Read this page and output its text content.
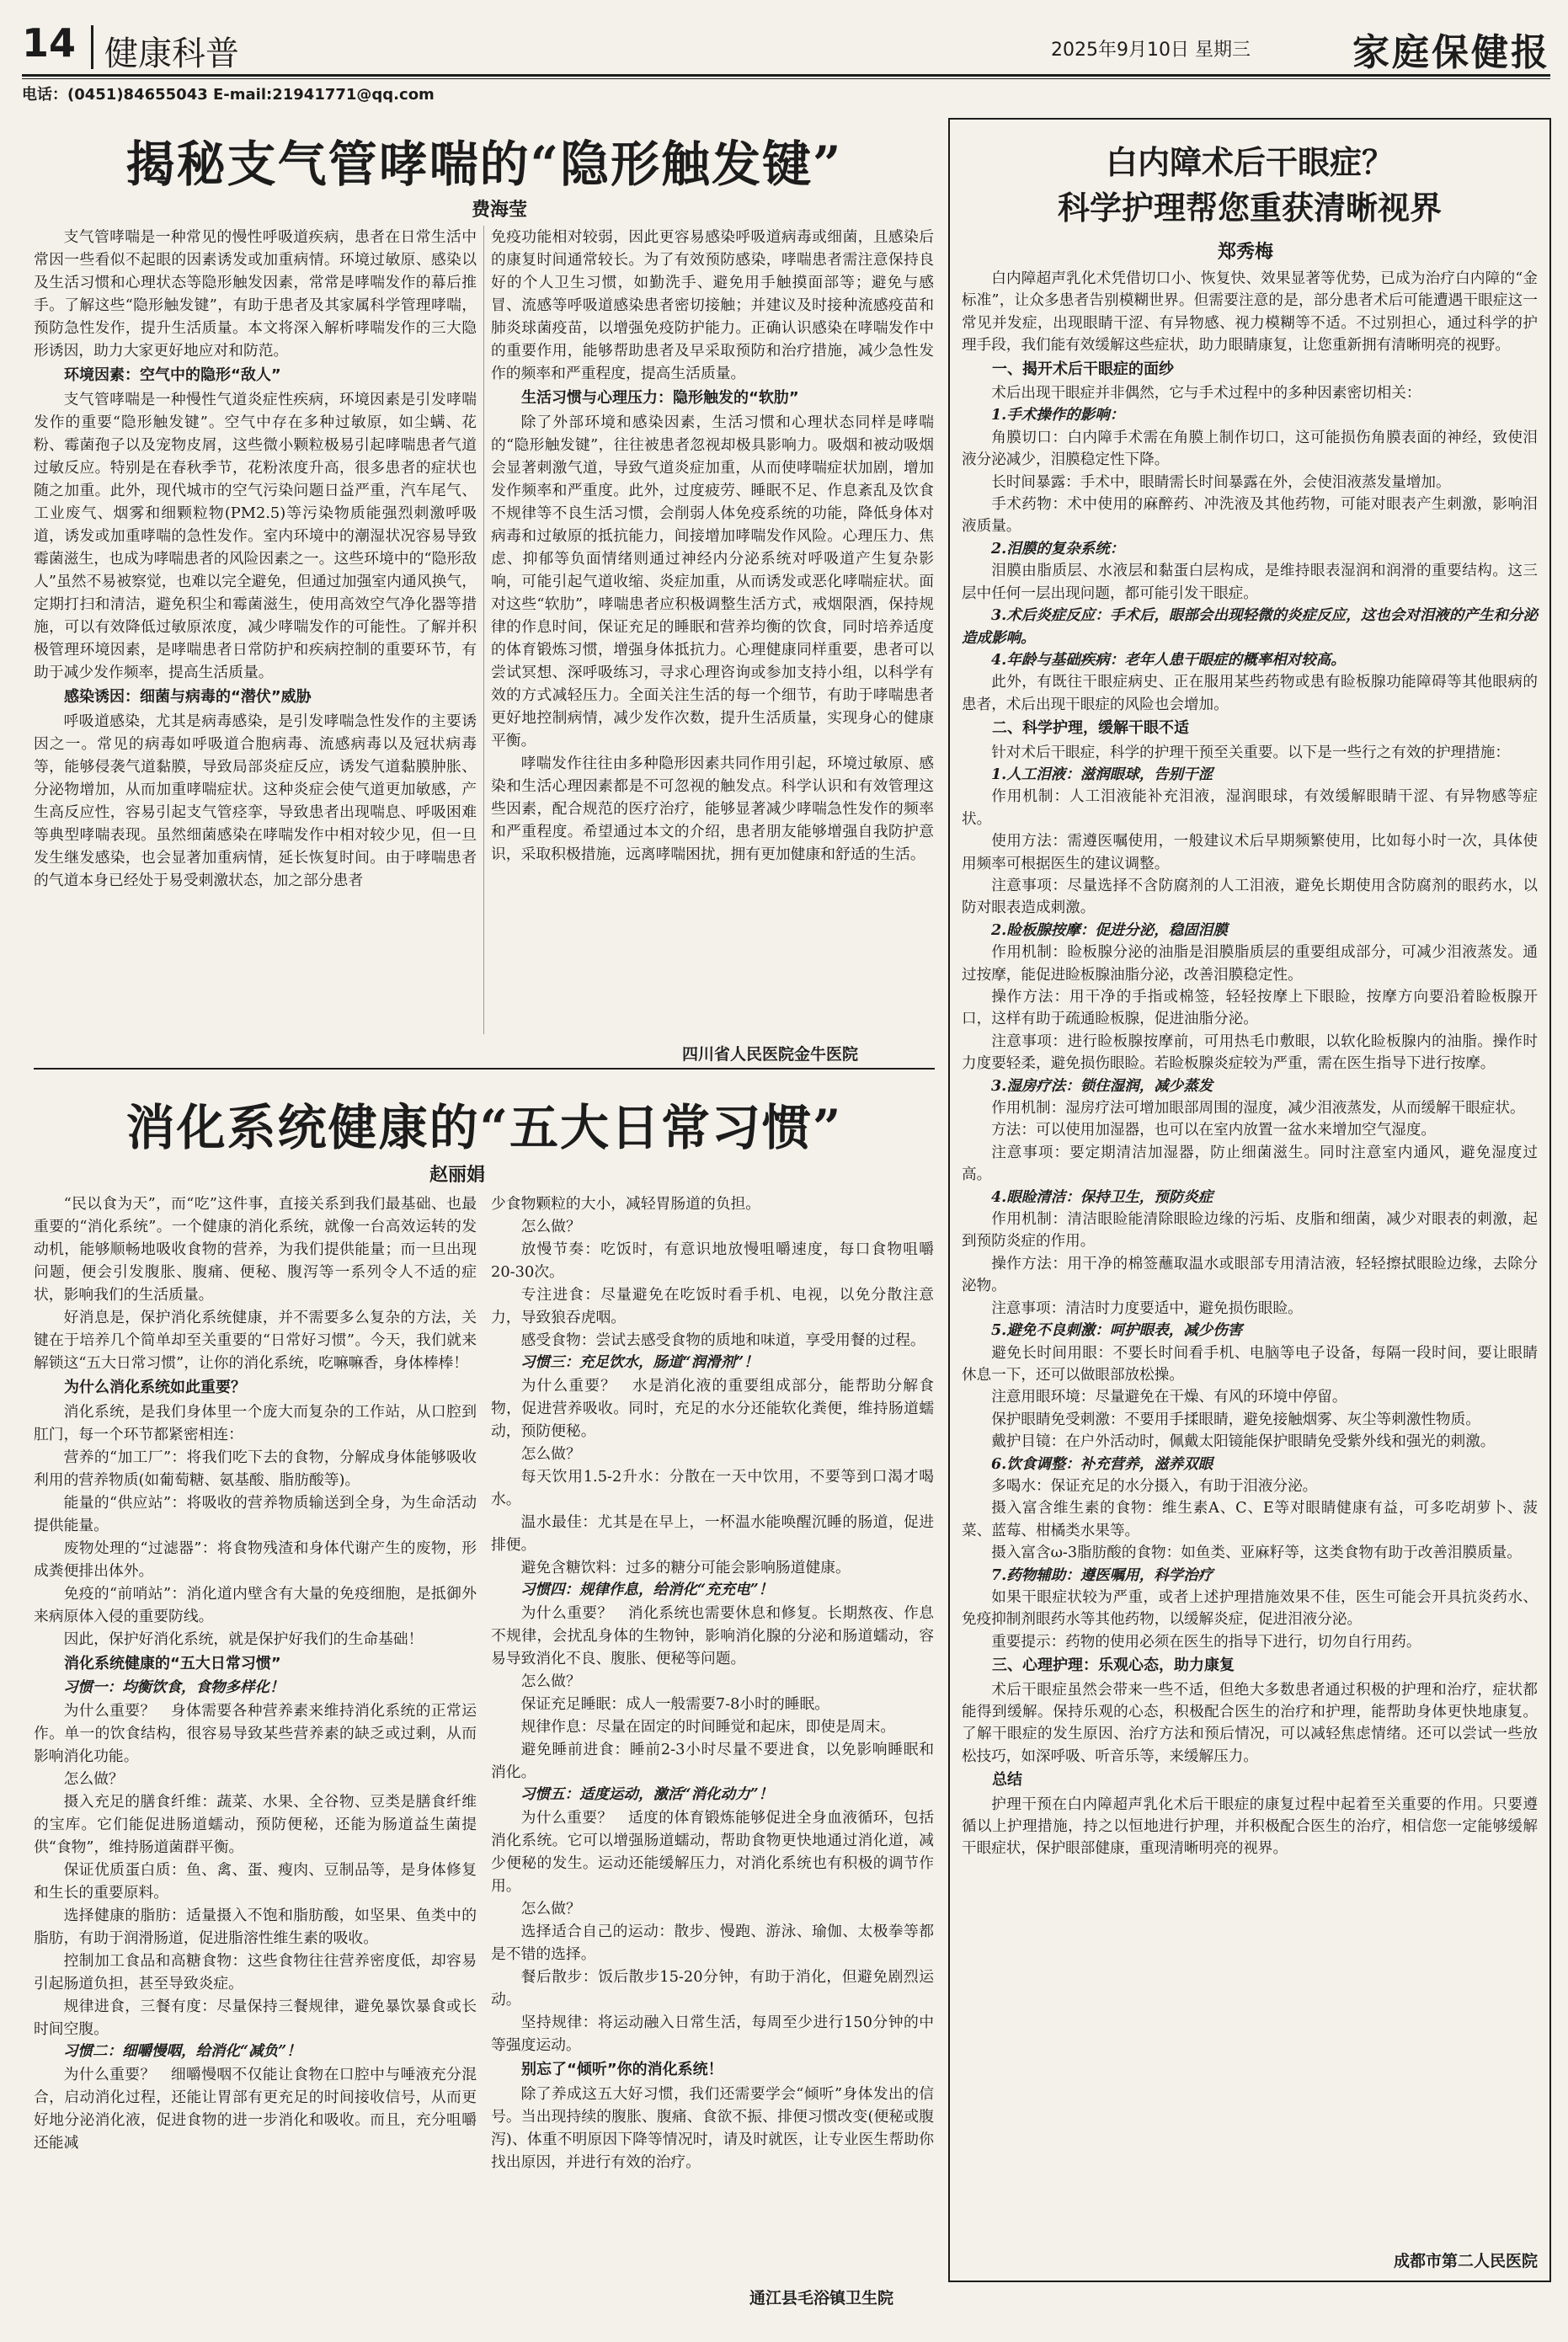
14 健康科普	2025年9月10日 星期三	家庭保健报
电话：(0451)84655043 E-mail:21941771@qq.com
揭秘支气管哮喘的“隐形触发键”
费海莹

支气管哮喘是一种常见的慢性呼吸道疾病，患者在日常生活中常因一些看似不起眼的因素诱发或加重病情。环境过敏原、感染以及生活习惯和心理状态等隐形触发因素，常常是哮喘发作的幕后推手。了解这些“隐形触发键”，有助于患者及其家属科学管理哮喘，预防急性发作，提升生活质量。本文将深入解析哮喘发作的三大隐形诱因，助力大家更好地应对和防范。

环境因素：空气中的隐形“敌人”

支气管哮喘是一种慢性气道炎症性疾病，环境因素是引发哮喘发作的重要“隐形触发键”。空气中存在多种过敏原，如尘螨、花粉、霉菌孢子以及宠物皮屑，这些微小颗粒极易引起哮喘患者气道过敏反应。特别是在春秋季节，花粉浓度升高，很多患者的症状也随之加重。此外，现代城市的空气污染问题日益严重，汽车尾气、工业废气、烟雾和细颗粒物(PM2.5)等污染物质能强烈刺激呼吸道，诱发或加重哮喘的急性发作。室内环境中的潮湿状况容易导致霉菌滋生，也成为哮喘患者的风险因素之一。这些环境中的“隐形敌人”虽然不易被察觉，也难以完全避免，但通过加强室内通风换气，定期打扫和清洁，避免积尘和霉菌滋生，使用高效空气净化器等措施，可以有效降低过敏原浓度，减少哮喘发作的可能性。了解并积极管理环境因素，是哮喘患者日常防护和疾病控制的重要环节，有助于减少发作频率，提高生活质量。

感染诱因：细菌与病毒的“潜伏”威胁

呼吸道感染，尤其是病毒感染，是引发哮喘急性发作的主要诱因之一。常见的病毒如呼吸道合胞病毒、流感病毒以及冠状病毒等，能够侵袭气道黏膜，导致局部炎症反应，诱发气道黏膜肿胀、分泌物增加，从而加重哮喘症状。这种炎症会使气道更加敏感，产生高反应性，容易引起支气管痉挛，导致患者出现喘息、呼吸困难等典型哮喘表现。虽然细菌感染在哮喘发作中相对较少见，但一旦发生继发感染，也会显著加重病情，延长恢复时间。由于哮喘患者的气道本身已经处于易受刺激状态，加之部分患者

免疫功能相对较弱，因此更容易感染呼吸道病毒或细菌，且感染后的康复时间通常较长。为了有效预防感染，哮喘患者需注意保持良好的个人卫生习惯，如勤洗手、避免用手触摸面部等；避免与感冒、流感等呼吸道感染患者密切接触；并建议及时接种流感疫苗和肺炎球菌疫苗，以增强免疫防护能力。正确认识感染在哮喘发作中的重要作用，能够帮助患者及早采取预防和治疗措施，减少急性发作的频率和严重程度，提高生活质量。

生活习惯与心理压力：隐形触发的“软肋”

除了外部环境和感染因素，生活习惯和心理状态同样是哮喘的“隐形触发键”，往往被患者忽视却极具影响力。吸烟和被动吸烟会显著刺激气道，导致气道炎症加重，从而使哮喘症状加剧，增加发作频率和严重度。此外，过度疲劳、睡眠不足、作息紊乱及饮食不规律等不良生活习惯，会削弱人体免疫系统的功能，降低身体对病毒和过敏原的抵抗能力，间接增加哮喘发作风险。心理压力、焦虑、抑郁等负面情绪则通过神经内分泌系统对呼吸道产生复杂影响，可能引起气道收缩、炎症加重，从而诱发或恶化哮喘症状。面对这些“软肋”，哮喘患者应积极调整生活方式，戒烟限酒，保持规律的作息时间，保证充足的睡眠和营养均衡的饮食，同时培养适度的体育锻炼习惯，增强身体抵抗力。心理健康同样重要，患者可以尝试冥想、深呼吸练习，寻求心理咨询或参加支持小组，以科学有效的方式减轻压力。全面关注生活的每一个细节，有助于哮喘患者更好地控制病情，减少发作次数，提升生活质量，实现身心的健康平衡。

哮喘发作往往由多种隐形因素共同作用引起，环境过敏原、感染和生活心理因素都是不可忽视的触发点。科学认识和有效管理这些因素，配合规范的医疗治疗，能够显著减少哮喘急性发作的频率和严重程度。希望通过本文的介绍，患者朋友能够增强自我防护意识，采取积极措施，远离哮喘困扰，拥有更加健康和舒适的生活。

四川省人民医院金牛医院
消化系统健康的“五大日常习惯”
赵丽娟

“民以食为天”，而“吃”这件事，直接关系到我们最基础、也最重要的“消化系统”。一个健康的消化系统，就像一台高效运转的发动机，能够顺畅地吸收食物的营养，为我们提供能量；而一旦出现问题，便会引发腹胀、腹痛、便秘、腹泻等一系列令人不适的症状，影响我们的生活质量。

好消息是，保护消化系统健康，并不需要多么复杂的方法，关键在于培养几个简单却至关重要的“日常好习惯”。今天，我们就来解锁这“五大日常习惯”，让你的消化系统，吃嘛嘛香，身体棒棒！

为什么消化系统如此重要？

消化系统，是我们身体里一个庞大而复杂的工作站，从口腔到肛门，每一个环节都紧密相连：

营养的“加工厂”：将我们吃下去的食物，分解成身体能够吸收利用的营养物质(如葡萄糖、氨基酸、脂肪酸等)。

能量的“供应站”：将吸收的营养物质输送到全身，为生命活动提供能量。

废物处理的“过滤器”：将食物残渣和身体代谢产生的废物，形成粪便排出体外。

免疫的“前哨站”：消化道内壁含有大量的免疫细胞，是抵御外来病原体入侵的重要防线。

因此，保护好消化系统，就是保护好我们的生命基础！

消化系统健康的“五大日常习惯”
习惯一：均衡饮食，食物多样化！

为什么重要？　身体需要各种营养素来维持消化系统的正常运作。单一的饮食结构，很容易导致某些营养素的缺乏或过剩，从而影响消化功能。

怎么做？

摄入充足的膳食纤维：蔬菜、水果、全谷物、豆类是膳食纤维的宝库。它们能促进肠道蠕动，预防便秘，还能为肠道益生菌提供“食物”，维持肠道菌群平衡。

保证优质蛋白质：鱼、禽、蛋、瘦肉、豆制品等，是身体修复和生长的重要原料。

选择健康的脂肪：适量摄入不饱和脂肪酸，如坚果、鱼类中的脂肪，有助于润滑肠道，促进脂溶性维生素的吸收。

控制加工食品和高糖食物：这些食物往往营养密度低，却容易引起肠道负担，甚至导致炎症。

规律进食，三餐有度：尽量保持三餐规律，避免暴饮暴食或长时间空腹。

习惯二：细嚼慢咽，给消化“减负”！

为什么重要？　细嚼慢咽不仅能让食物在口腔中与唾液充分混合，启动消化过程，还能让胃部有更充足的时间接收信号，从而更好地分泌消化液，促进食物的进一步消化和吸收。而且，充分咀嚼还能减

少食物颗粒的大小，减轻胃肠道的负担。

怎么做？

放慢节奏：吃饭时，有意识地放慢咀嚼速度，每口食物咀嚼20-30次。

专注进食：尽量避免在吃饭时看手机、电视，以免分散注意力，导致狼吞虎咽。

感受食物：尝试去感受食物的质地和味道，享受用餐的过程。

习惯三：充足饮水，肠道“润滑剂”！

为什么重要？　水是消化液的重要组成部分，能帮助分解食物，促进营养吸收。同时，充足的水分还能软化粪便，维持肠道蠕动，预防便秘。

怎么做？

每天饮用1.5-2升水：分散在一天中饮用，不要等到口渴才喝水。

温水最佳：尤其是在早上，一杯温水能唤醒沉睡的肠道，促进排便。

避免含糖饮料：过多的糖分可能会影响肠道健康。

习惯四：规律作息，给消化“充充电”！

为什么重要？　消化系统也需要休息和修复。长期熬夜、作息不规律，会扰乱身体的生物钟，影响消化腺的分泌和肠道蠕动，容易导致消化不良、腹胀、便秘等问题。

怎么做？

保证充足睡眠：成人一般需要7-8小时的睡眠。

规律作息：尽量在固定的时间睡觉和起床，即使是周末。

避免睡前进食：睡前2-3小时尽量不要进食，以免影响睡眠和消化。

习惯五：适度运动，激活“消化动力”！

为什么重要？　适度的体育锻炼能够促进全身血液循环，包括消化系统。它可以增强肠道蠕动，帮助食物更快地通过消化道，减少便秘的发生。运动还能缓解压力，对消化系统也有积极的调节作用。

怎么做？

选择适合自己的运动：散步、慢跑、游泳、瑜伽、太极拳等都是不错的选择。

餐后散步：饭后散步15-20分钟，有助于消化，但避免剧烈运动。

坚持规律：将运动融入日常生活，每周至少进行150分钟的中等强度运动。

别忘了“倾听”你的消化系统！

除了养成这五大好习惯，我们还需要学会“倾听”身体发出的信号。当出现持续的腹胀、腹痛、食欲不振、排便习惯改变(便秘或腹泻)、体重不明原因下降等情况时，请及时就医，让专业医生帮助你找出原因，并进行有效的治疗。

通江县毛浴镇卫生院
白内障术后干眼症？
科学护理帮您重获清晰视界
郑秀梅

白内障超声乳化术凭借切口小、恢复快、效果显著等优势，已成为治疗白内障的“金标准”，让众多患者告别模糊世界。但需要注意的是，部分患者术后可能遭遇干眼症这一常见并发症，出现眼睛干涩、有异物感、视力模糊等不适。不过别担心，通过科学的护理手段，我们能有效缓解这些症状，助力眼睛康复，让您重新拥有清晰明亮的视野。

一、揭开术后干眼症的面纱

术后出现干眼症并非偶然，它与手术过程中的多种因素密切相关：

1.手术操作的影响：

角膜切口：白内障手术需在角膜上制作切口，这可能损伤角膜表面的神经，致使泪液分泌减少，泪膜稳定性下降。

长时间暴露：手术中，眼睛需长时间暴露在外，会使泪液蒸发量增加。

手术药物：术中使用的麻醉药、冲洗液及其他药物，可能对眼表产生刺激，影响泪液质量。

2.泪膜的复杂系统：

泪膜由脂质层、水液层和黏蛋白层构成，是维持眼表湿润和润滑的重要结构。这三层中任何一层出现问题，都可能引发干眼症。

3.术后炎症反应：手术后，眼部会出现轻微的炎症反应，这也会对泪液的产生和分泌造成影响。
4.年龄与基础疾病：老年人患干眼症的概率相对较高。

此外，有既往干眼症病史、正在服用某些药物或患有睑板腺功能障碍等其他眼病的患者，术后出现干眼症的风险也会增加。

二、科学护理，缓解干眼不适

针对术后干眼症，科学的护理干预至关重要。以下是一些行之有效的护理措施：

1.人工泪液：滋润眼球，告别干涩

作用机制：人工泪液能补充泪液，湿润眼球，有效缓解眼睛干涩、有异物感等症状。

使用方法：需遵医嘱使用，一般建议术后早期频繁使用，比如每小时一次，具体使用频率可根据医生的建议调整。

注意事项：尽量选择不含防腐剂的人工泪液，避免长期使用含防腐剂的眼药水，以防对眼表造成刺激。

2.睑板腺按摩：促进分泌，稳固泪膜

作用机制：睑板腺分泌的油脂是泪膜脂质层的重要组成部分，可减少泪液蒸发。通过按摩，能促进睑板腺油脂分泌，改善泪膜稳定性。

操作方法：用干净的手指或棉签，轻轻按摩上下眼睑，按摩方向要沿着睑板腺开口，这样有助于疏通睑板腺，促进油脂分泌。

注意事项：进行睑板腺按摩前，可用热毛巾敷眼，以软化睑板腺内的油脂。操作时力度要轻柔，避免损伤眼睑。若睑板腺炎症较为严重，需在医生指导下进行按摩。

3.湿房疗法：锁住湿润，减少蒸发

作用机制：湿房疗法可增加眼部周围的湿度，减少泪液蒸发，从而缓解干眼症状。

方法：可以使用加湿器，也可以在室内放置一盆水来增加空气湿度。

注意事项：要定期清洁加湿器，防止细菌滋生。同时注意室内通风，避免湿度过高。

4.眼睑清洁：保持卫生，预防炎症

作用机制：清洁眼睑能清除眼睑边缘的污垢、皮脂和细菌，减少对眼表的刺激，起到预防炎症的作用。

操作方法：用干净的棉签蘸取温水或眼部专用清洁液，轻轻擦拭眼睑边缘，去除分泌物。

注意事项：清洁时力度要适中，避免损伤眼睑。

5.避免不良刺激：呵护眼表，减少伤害

避免长时间用眼：不要长时间看手机、电脑等电子设备，每隔一段时间，要让眼睛休息一下，还可以做眼部放松操。

注意用眼环境：尽量避免在干燥、有风的环境中停留。

保护眼睛免受刺激：不要用手揉眼睛，避免接触烟雾、灰尘等刺激性物质。

戴护目镜：在户外活动时，佩戴太阳镜能保护眼睛免受紫外线和强光的刺激。

6.饮食调整：补充营养，滋养双眼

多喝水：保证充足的水分摄入，有助于泪液分泌。

摄入富含维生素的食物：维生素A、C、E等对眼睛健康有益，可多吃胡萝卜、菠菜、蓝莓、柑橘类水果等。

摄入富含ω-3脂肪酸的食物：如鱼类、亚麻籽等，这类食物有助于改善泪膜质量。

7.药物辅助：遵医嘱用，科学治疗

如果干眼症状较为严重，或者上述护理措施效果不佳，医生可能会开具抗炎药水、免疫抑制剂眼药水等其他药物，以缓解炎症，促进泪液分泌。

重要提示：药物的使用必须在医生的指导下进行，切勿自行用药。

三、心理护理：乐观心态，助力康复

术后干眼症虽然会带来一些不适，但绝大多数患者通过积极的护理和治疗，症状都能得到缓解。保持乐观的心态，积极配合医生的治疗和护理，能帮助身体更快地康复。了解干眼症的发生原因、治疗方法和预后情况，可以减轻焦虑情绪。还可以尝试一些放松技巧，如深呼吸、听音乐等，来缓解压力。

总结

护理干预在白内障超声乳化术后干眼症的康复过程中起着至关重要的作用。只要遵循以上护理措施，持之以恒地进行护理，并积极配合医生的治疗，相信您一定能够缓解干眼症状，保护眼部健康，重现清晰明亮的视界。

成都市第二人民医院
